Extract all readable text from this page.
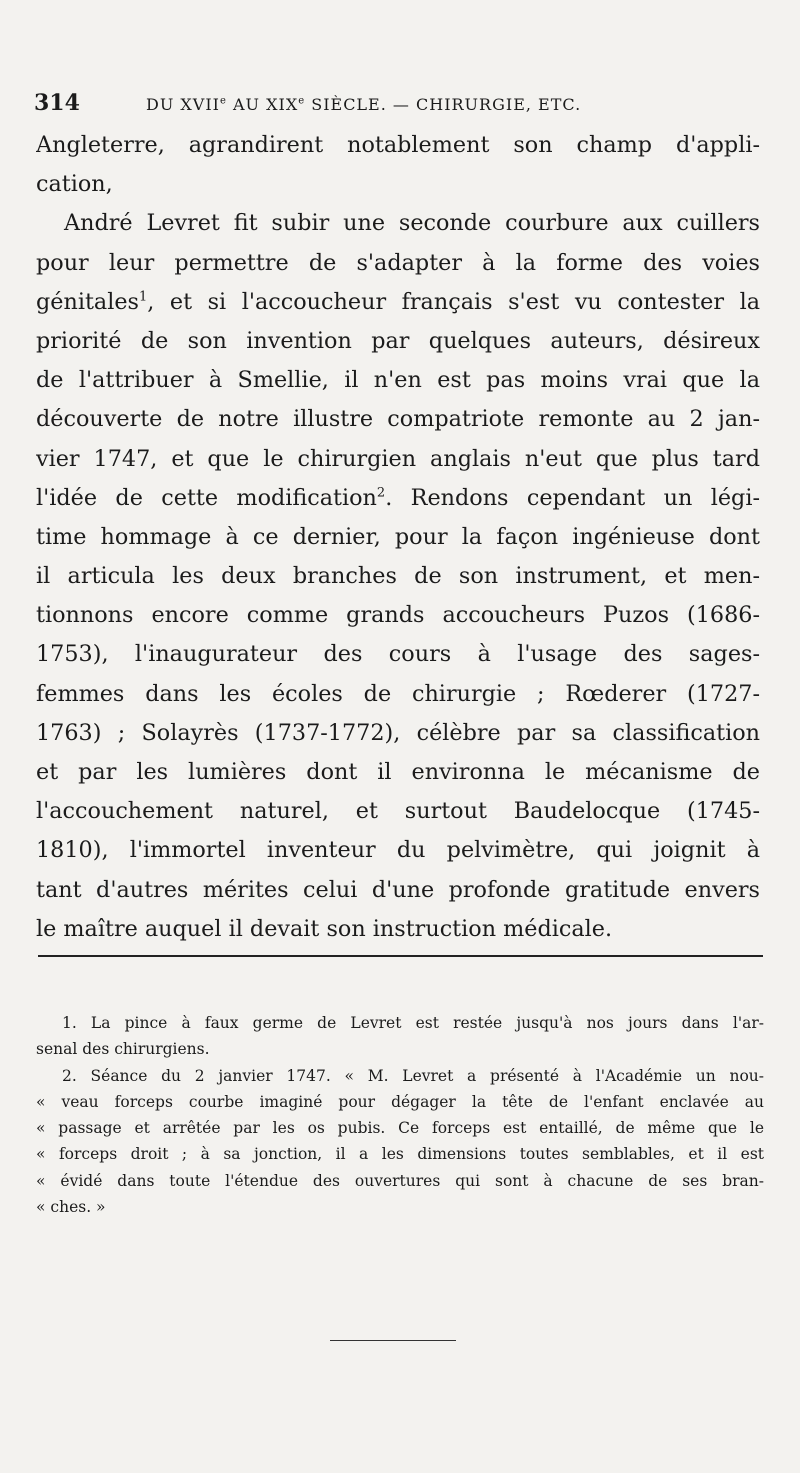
314	DU XVIIe AU XIXe SIÈCLE. — CHIRURGIE, ETC.
Angleterre, agrandirent notablement son champ d'appli-
cation,
André Levret fit subir une seconde courbure aux cuillers
pour leur permettre de s'adapter à la forme des voies
génitales$^1$, et si l'accoucheur français s'est vu contester la
priorité de son invention par quelques auteurs, désireux
de l'attribuer à Smellie, il n'en est pas moins vrai que la
découverte de notre illustre compatriote remonte au 2 jan-
vier 1747, et que le chirurgien anglais n'eut que plus tard
l'idée de cette modification$^2$. Rendons cependant un légi-
time hommage à ce dernier, pour la façon ingénieuse dont
il articula les deux branches de son instrument, et men-
tionnons encore comme grands accoucheurs Puzos (1686-
1753), l'inaugurateur des cours à l'usage des sages-
femmes dans les écoles de chirurgie ; Rœderer (1727-
1763) ; Solayrès (1737-1772), célèbre par sa classification
et par les lumières dont il environna le mécanisme de
l'accouchement naturel, et surtout Baudelocque (1745-
1810), l'immortel inventeur du pelvimètre, qui joignit à
tant d'autres mérites celui d'une profonde gratitude envers
le maître auquel il devait son instruction médicale.
1. La pince à faux germe de Levret est restée jusqu'à nos jours dans l'ar-
senal des chirurgiens.
2. Séance du 2 janvier 1747. « M. Levret a présenté à l'Académie un nou-
« veau forceps courbe imaginé pour dégager la tête de l'enfant enclavée au
« passage et arrêtée par les os pubis. Ce forceps est entaillé, de même que le
« forceps droit ; à sa jonction, il a les dimensions toutes semblables, et il est
« évidé dans toute l'étendue des ouvertures qui sont à chacune de ses bran-
« ches. »
